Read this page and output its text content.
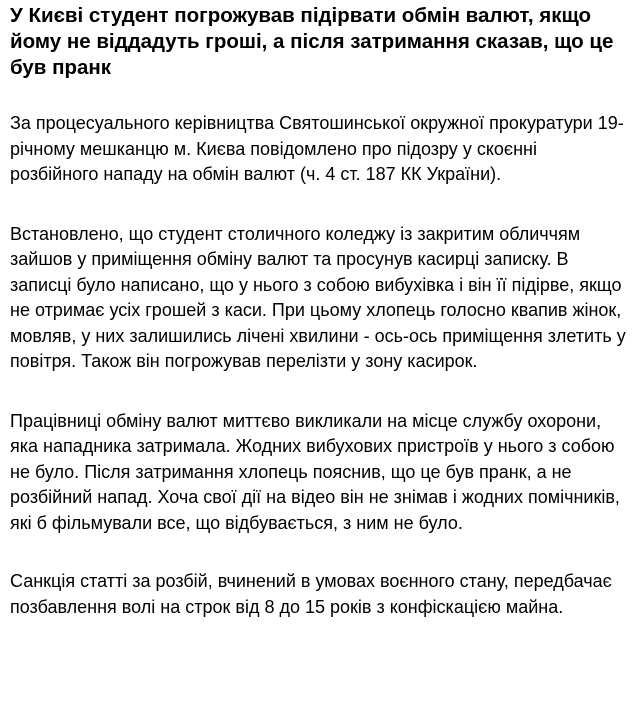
У Києві студент погрожував підірвати обмін валют, якщо йому не віддадуть гроші, а після затримання сказав, що це був пранк

За процесуального керівництва Святошинської окружної прокуратури 19-річному мешканцю м. Києва повідомлено про підозру у скоєнні розбійного нападу на обмін валют (ч. 4 ст. 187 КК України).

Встановлено, що студент столичного коледжу із закритим обличчям зайшов у приміщення обміну валют та просунув касирці записку. В записці було написано, що у нього з собою вибухівка і він її підірве, якщо не отримає усіх грошей з каси. При цьому хлопець голосно квапив жінок, мовляв, у них залишились лічені хвилини - ось-ось приміщення злетить у повітря. Також він погрожував перелізти у зону касирок.

Працівниці обміну валют миттєво викликали на місце службу охорони, яка нападника затримала. Жодних вибухових пристроїв у нього з собою не було. Після затримання хлопець пояснив, що це був пранк, а не розбійний напад. Хоча свої дії на відео він не знімав і жодних помічників, які б фільмували все, що відбувається, з ним не було.

Санкція статті за розбій, вчинений в умовах воєнного стану, передбачає позбавлення волі на строк від 8 до 15 років з конфіскацією майна.
